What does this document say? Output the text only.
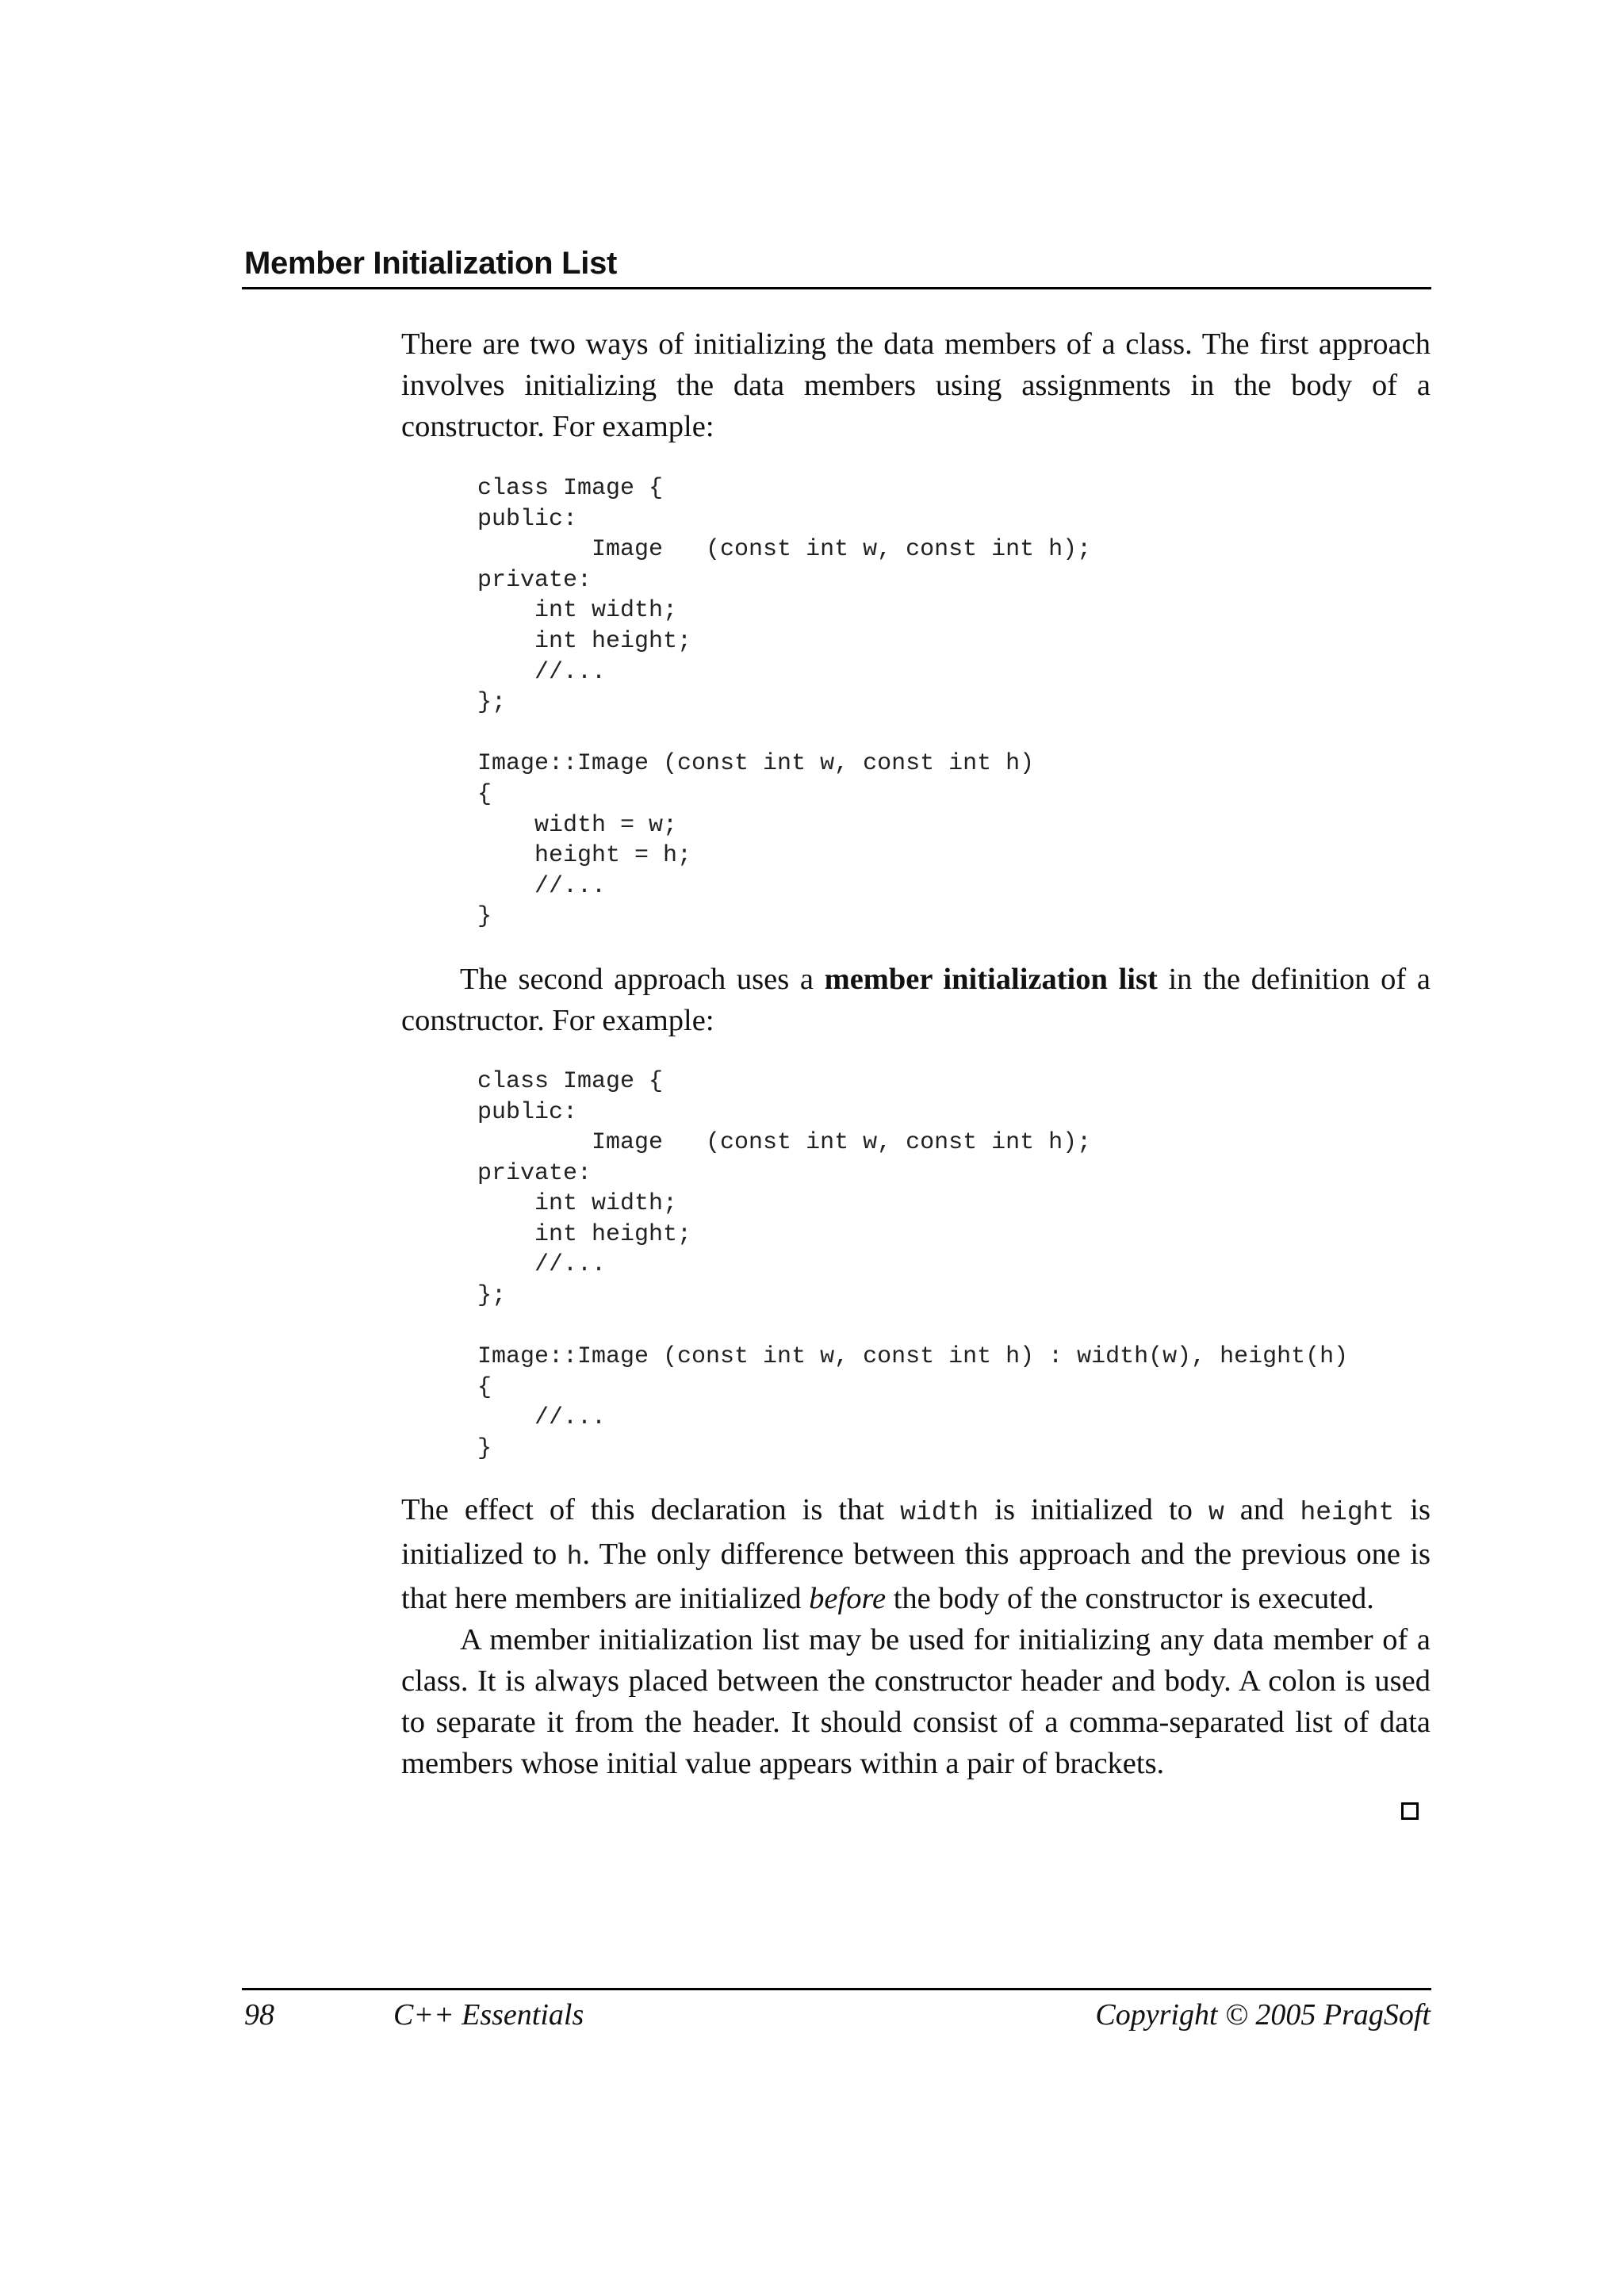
Member Initialization List

There are two ways of initializing the data members of a class. The first approach involves initializing the data members using assignments in the body of a constructor. For example:

class Image {
public:
Image   (const int w, const int h);
private:
int width;
int height;
//...
};

Image::Image (const int w, const int h)
{
width = w;
height = h;
//...
}

The second approach uses a member initialization list in the definition of a constructor. For example:

class Image {
public:
Image   (const int w, const int h);
private:
int width;
int height;
//...
};

Image::Image (const int w, const int h) : width(w), height(h)
{
//...
}

The effect of this declaration is that width is initialized to w and height is initialized to h. The only difference between this approach and the previous one is that here members are initialized before the body of the constructor is executed.

A member initialization list may be used for initializing any data member of a class. It is always placed between the constructor header and body. A colon is used to separate it from the header. It should consist of a comma-separated list of data members whose initial value appears within a pair of brackets.

98	C++ Essentials	Copyright © 2005 PragSoft
